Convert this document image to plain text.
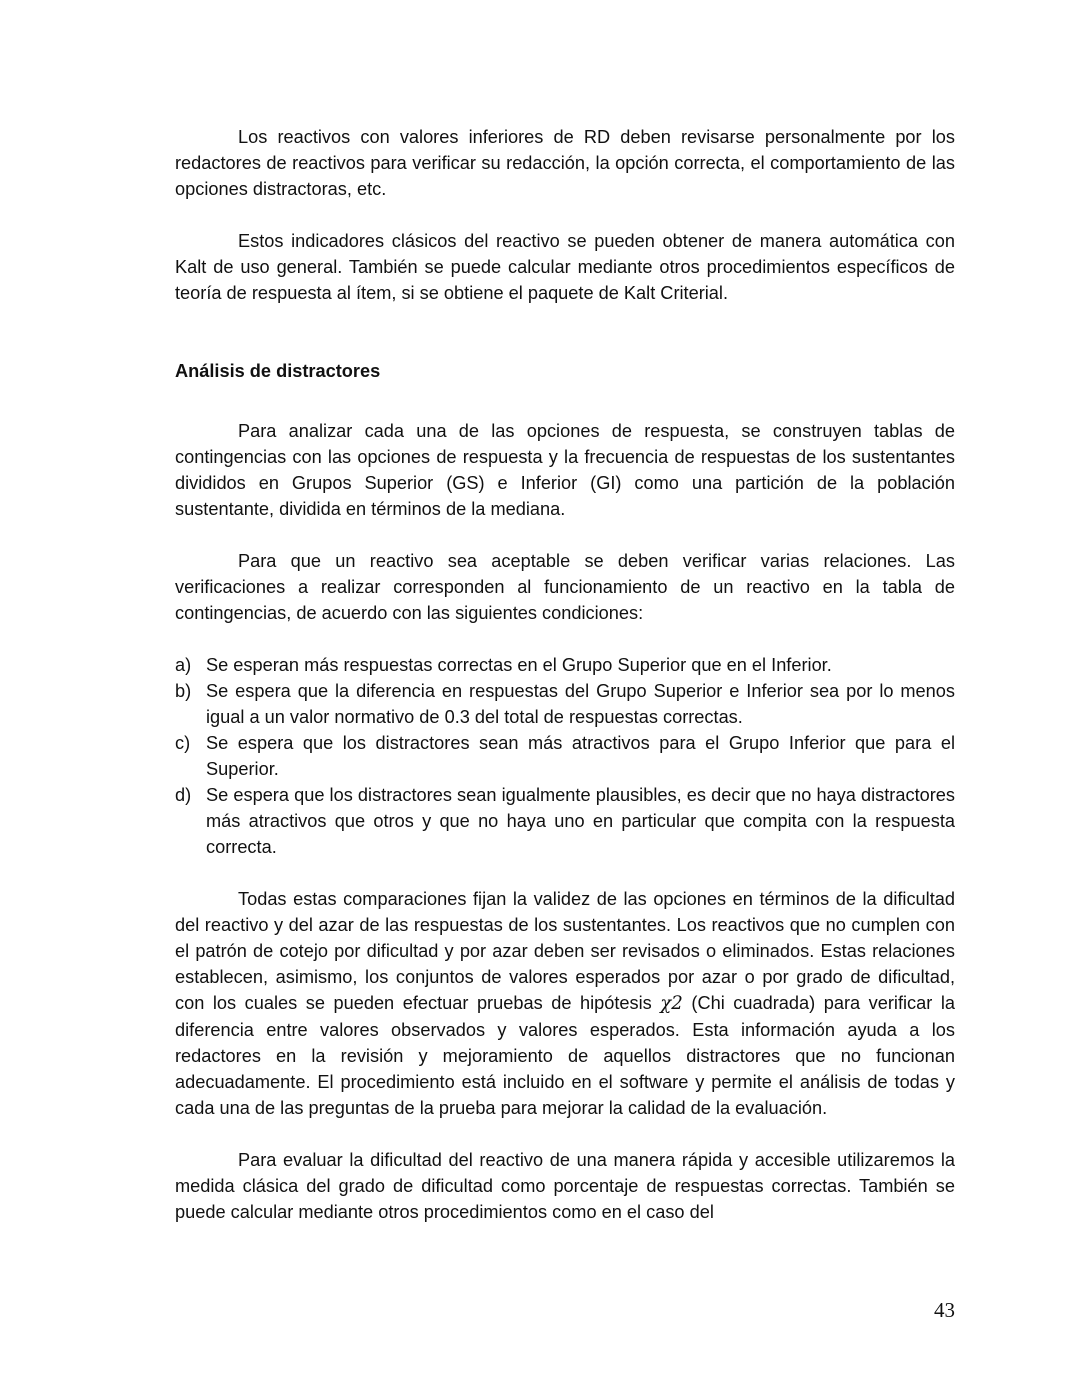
Los reactivos con valores inferiores de RD deben revisarse personalmente por los redactores de reactivos para verificar su redacción, la opción correcta, el comportamiento de las opciones distractoras, etc.

Estos indicadores clásicos del reactivo se pueden obtener de manera automática con Kalt de uso general. También se puede calcular mediante otros procedimientos específicos de teoría de respuesta al ítem, si se obtiene el paquete de Kalt Criterial.

Análisis de distractores

Para analizar cada una de las opciones de respuesta, se construyen tablas de contingencias con las opciones de respuesta y la frecuencia de respuestas de los sustentantes divididos en Grupos Superior (GS) e Inferior (GI) como una partición de la población sustentante, dividida en términos de la mediana.

Para que un reactivo sea aceptable se deben verificar varias relaciones. Las verificaciones a realizar corresponden al funcionamiento de un reactivo en la tabla de contingencias, de acuerdo con las siguientes condiciones:

a) Se esperan más respuestas correctas en el Grupo Superior que en el Inferior.
b) Se espera que la diferencia en respuestas del Grupo Superior e Inferior sea por lo menos igual a un valor normativo de 0.3 del total de respuestas correctas.
c) Se espera que los distractores sean más atractivos para el Grupo Inferior que para el Superior.
d) Se espera que los distractores sean igualmente plausibles, es decir que no haya distractores más atractivos que otros y que no haya uno en particular que compita con la respuesta correcta.

Todas estas comparaciones fijan la validez de las opciones en términos de la dificultad del reactivo y del azar de las respuestas de los sustentantes. Los reactivos que no cumplen con el patrón de cotejo por dificultad y por azar deben ser revisados o eliminados. Estas relaciones establecen, asimismo, los conjuntos de valores esperados por azar o por grado de dificultad, con los cuales se pueden efectuar pruebas de hipótesis χ2 (Chi cuadrada) para verificar la diferencia entre valores observados y valores esperados. Esta información ayuda a los redactores en la revisión y mejoramiento de aquellos distractores que no funcionan adecuadamente. El procedimiento está incluido en el software y permite el análisis de todas y cada una de las preguntas de la prueba para mejorar la calidad de la evaluación.

Para evaluar la dificultad del reactivo de una manera rápida y accesible utilizaremos la medida clásica del grado de dificultad como porcentaje de respuestas correctas. También se puede calcular mediante otros procedimientos como en el caso del

43
